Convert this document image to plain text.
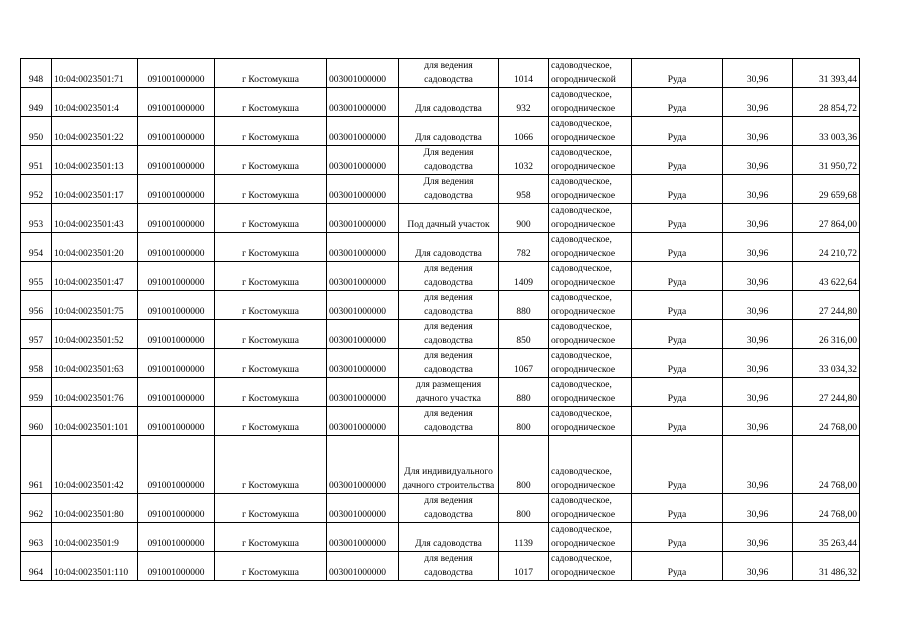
948	10:04:0023501:71	091001000000	г Костомукша	003001000000	для ведения садоводства	1014	садоводческое, огороднической	Руда	30,96	31 393,44
949	10:04:0023501:4	091001000000	г Костомукша	003001000000	Для садоводства	932	садоводческое, огородническое	Руда	30,96	28 854,72
950	10:04:0023501:22	091001000000	г Костомукша	003001000000	Для садоводства	1066	садоводческое, огородническое	Руда	30,96	33 003,36
951	10:04:0023501:13	091001000000	г Костомукша	003001000000	Для ведения садоводства	1032	садоводческое, огородническое	Руда	30,96	31 950,72
952	10:04:0023501:17	091001000000	г Костомукша	003001000000	Для ведения садоводства	958	садоводческое, огородническое	Руда	30,96	29 659,68
953	10:04:0023501:43	091001000000	г Костомукша	003001000000	Под дачный участок	900	садоводческое, огородническое	Руда	30,96	27 864,00
954	10:04:0023501:20	091001000000	г Костомукша	003001000000	Для садоводства	782	садоводческое, огородническое	Руда	30,96	24 210,72
955	10:04:0023501:47	091001000000	г Костомукша	003001000000	для ведения садоводства	1409	садоводческое, огородническое	Руда	30,96	43 622,64
956	10:04:0023501:75	091001000000	г Костомукша	003001000000	для ведения садоводства	880	садоводческое, огородническое	Руда	30,96	27 244,80
957	10:04:0023501:52	091001000000	г Костомукша	003001000000	для ведения садоводства	850	садоводческое, огородническое	Руда	30,96	26 316,00
958	10:04:0023501:63	091001000000	г Костомукша	003001000000	для ведения садоводства	1067	садоводческое, огородническое	Руда	30,96	33 034,32
959	10:04:0023501:76	091001000000	г Костомукша	003001000000	для размещения дачного участка	880	садоводческое, огородническое	Руда	30,96	27 244,80
960	10:04:0023501:101	091001000000	г Костомукша	003001000000	для ведения садоводства	800	садоводческое, огородническое	Руда	30,96	24 768,00
961	10:04:0023501:42	091001000000	г Костомукша	003001000000	Для индивидуального дачного строительства	800	садоводческое, огородническое	Руда	30,96	24 768,00
962	10:04:0023501:80	091001000000	г Костомукша	003001000000	для ведения садоводства	800	садоводческое, огородническое	Руда	30,96	24 768,00
963	10:04:0023501:9	091001000000	г Костомукша	003001000000	Для садоводства	1139	садоводческое, огородническое	Руда	30,96	35 263,44
964	10:04:0023501:110	091001000000	г Костомукша	003001000000	для ведения садоводства	1017	садоводческое, огородническое	Руда	30,96	31 486,32
